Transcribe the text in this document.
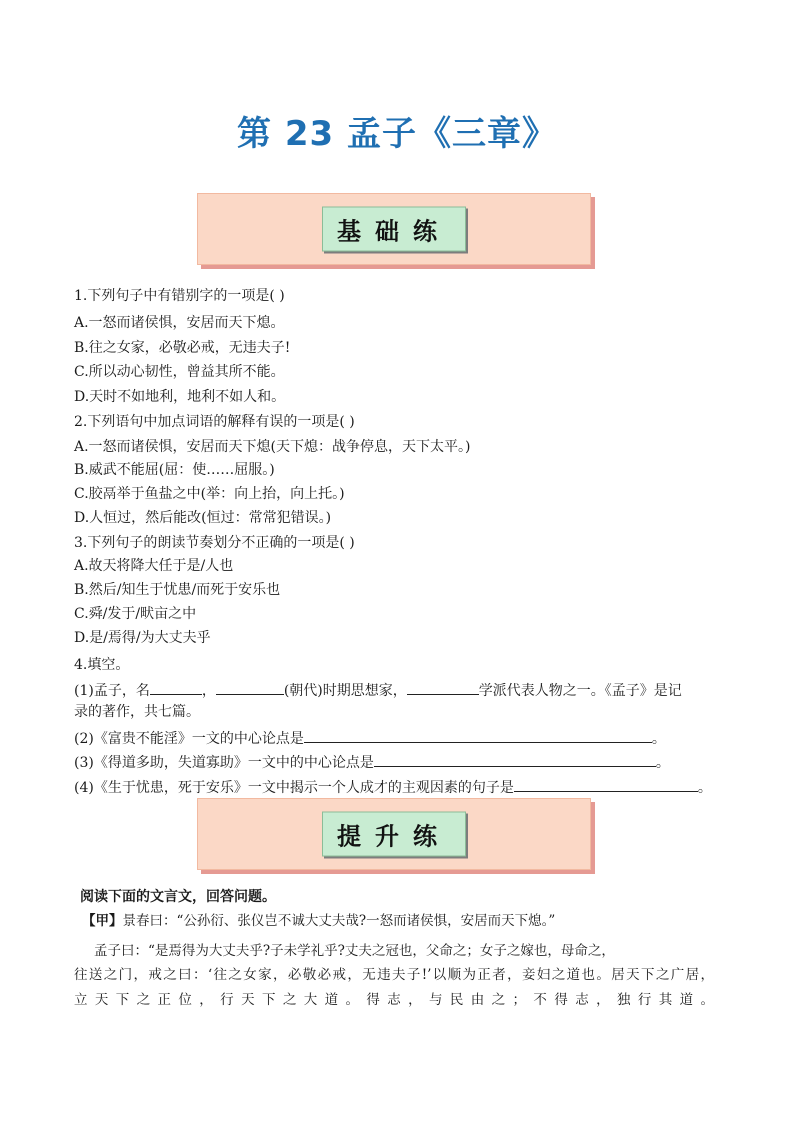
第 23 孟子《三章》
基础练
1.下列句子中有错别字的一项是( )
A.一怒而诸侯惧，安居而天下熄。
B.往之女家，必敬必戒，无违夫子!
C.所以动心韧性，曾益其所不能。
D.天时不如地利，地利不如人和。
2.下列语句中加点词语的解释有误的一项是( )
A.一怒而诸侯惧，安居而天下熄(天下熄：战争停息，天下太平。)
B.威武不能屈(屈：使……屈服。)
C.胶鬲举于鱼盐之中(举：向上抬，向上托。)
D.人恒过，然后能改(恒过：常常犯错误。)
3.下列句子的朗读节奏划分不正确的一项是( )
A.故天将降大任于是/人也
B.然后/知生于忧患/而死于安乐也
C.舜/发于/畎亩之中
D.是/焉得/为大丈夫乎
4.填空。
(1)孟子，名	，	(朝代)时期思想家，	学派代表人物之一。《孟子》是记
录的著作，共七篇。
(2)《富贵不能淫》一文的中心论点是	。
(3)《得道多助，失道寡助》一文中的中心论点是	。
(4)《生于忧患，死于安乐》一文中揭示一个人成才的主观因素的句子是	。
提升练
阅读下面的文言文，回答问题。
【甲】景春曰：“公孙衍、张仪岂不诚大丈夫哉?一怒而诸侯惧，安居而天下熄。”
孟子曰：“是焉得为大丈夫乎?子未学礼乎?丈夫之冠也，父命之；女子之嫁也，母命之，
往送之门，戒之曰：‘往之女家，必敬必戒，无违夫子!’以顺为正者，妾妇之道也。居天下之广居，
立天下之正位，行天下之大道。得志，与民由之；不得志，独行其道。
